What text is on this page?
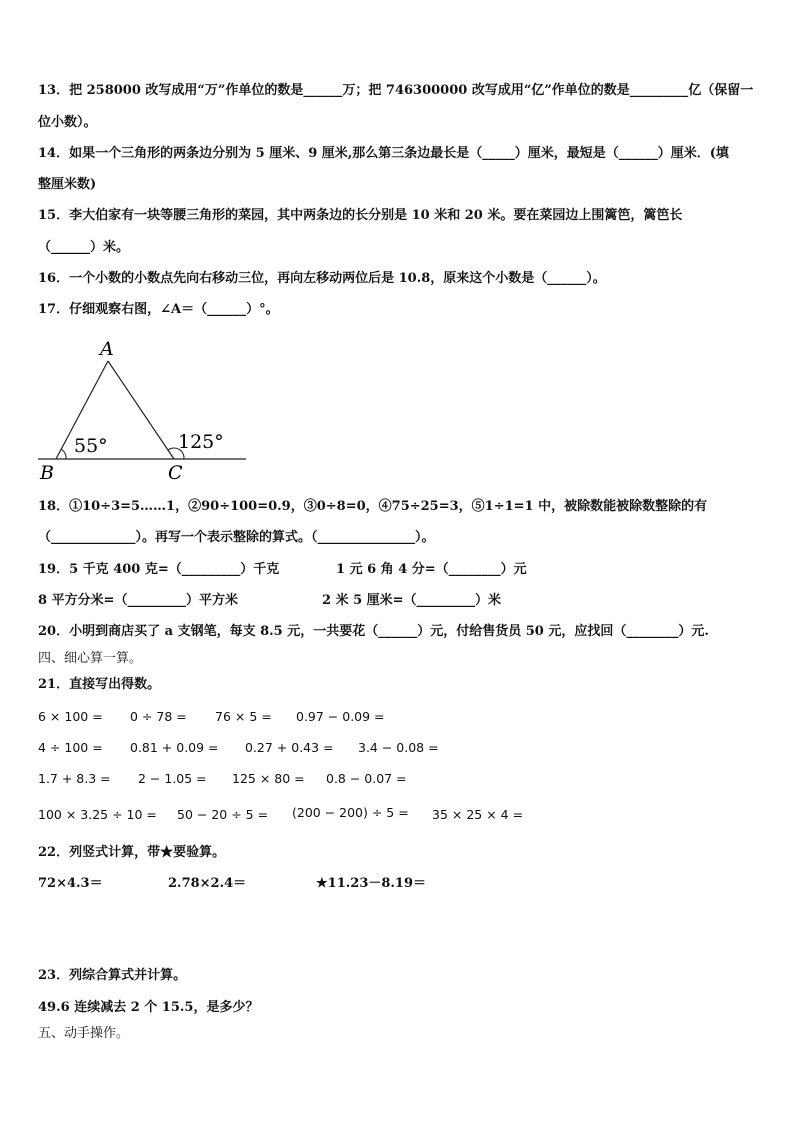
13．把 258000 改写成用“万”作单位的数是______万；把 746300000 改写成用“亿”作单位的数是_________亿（保留一
位小数）。
14．如果一个三角形的两条边分别为 5 厘米、9 厘米,那么第三条边最长是（_____）厘米，最短是（______）厘米．(填
整厘米数)
15．李大伯家有一块等腰三角形的菜园，其中两条边的长分别是 10 米和 20 米。要在菜园边上围篱笆，篱笆长
（______）米。
16．一个小数的小数点先向右移动三位，再向左移动两位后是 10.8，原来这个小数是（______）。
17．仔细观察右图，∠A＝（______）°。
A
B	C
55°	125°
18．①10÷3=5……1，②90÷100=0.9，③0÷8=0，④75÷25=3，⑤1÷1=1 中，被除数能被除数整除的有
（_____________）。再写一个表示整除的算式。（_______________）。
19．5 千克 400 克=（_________）千克	1 元 6 角 4 分=（________）元
8 平方分米=（_________）平方米	2 米 5 厘米=（_________）米
20．小明到商店买了 a 支钢笔，每支 8.5 元，一共要花（______）元，付给售货员 50 元，应找回（________）元.
四、细心算一算。
21．直接写出得数。
6 × 100 = 0 ÷ 78 = 76 × 5 = 0.97 − 0.09 =
4 ÷ 100 = 0.81 + 0.09 = 0.27 + 0.43 = 3.4 − 0.08 =
1.7 + 8.3 = 2 − 1.05 = 125 × 80 = 0.8 − 0.07 =
100 × 3.25 ÷ 10 = 50 − 20 ÷ 5 = (200 − 200) ÷ 5 = 35 × 25 × 4 =
22．列竖式计算，带★要验算。
72×4.3＝	2.78×2.4＝	★11.23－8.19＝
23．列综合算式并计算。
49.6 连续减去 2 个 15.5，是多少？
五、动手操作。
